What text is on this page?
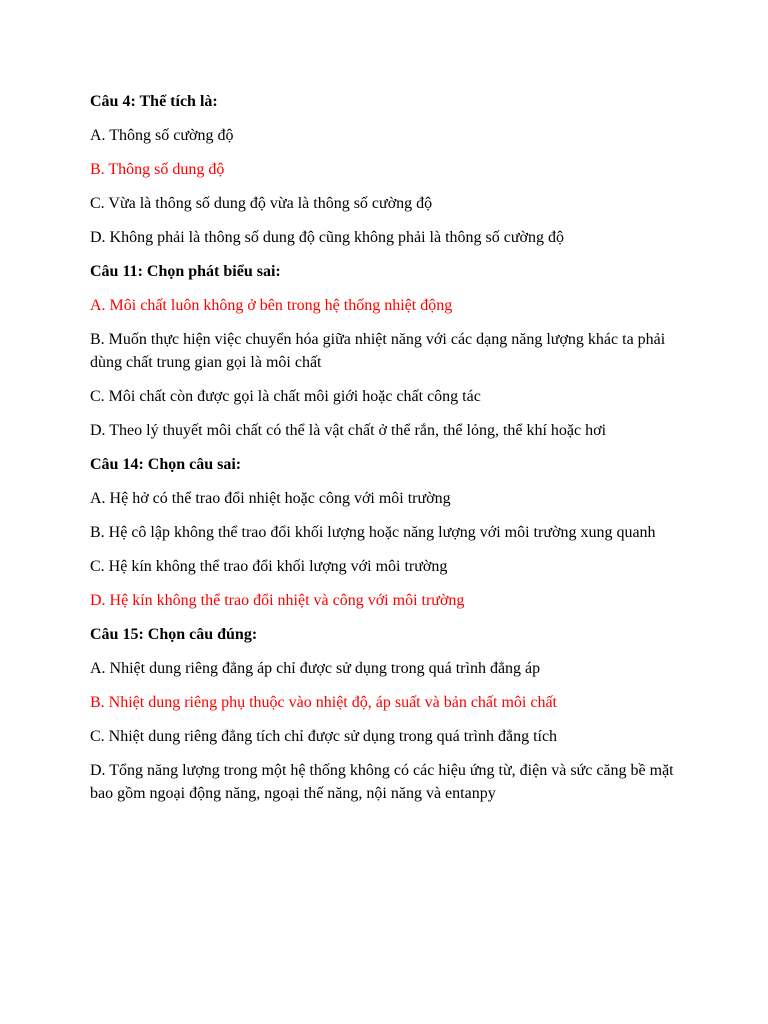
Câu 4: Thể tích là:
A. Thông số cường độ
B. Thông số dung độ
C. Vừa là thông số dung độ vừa là thông số cường độ
D. Không phải là thông số dung độ cũng không phải là thông số cường độ
Câu 11: Chọn phát biểu sai:
A. Môi chất luôn không ở bên trong hệ thống nhiệt động
B. Muốn thực hiện việc chuyển hóa giữa nhiệt năng với các dạng năng lượng khác ta phải dùng chất trung gian gọi là môi chất
C. Môi chất còn được gọi là chất môi giới hoặc chất công tác
D. Theo lý thuyết môi chất có thể là vật chất ở thể rắn, thể lỏng, thể khí hoặc hơi
Câu 14: Chọn câu sai:
A. Hệ hở có thể trao đổi nhiệt hoặc công với môi trường
B. Hệ cô lập không thể trao đổi khối lượng hoặc năng lượng với môi trường xung quanh
C. Hệ kín không thể trao đổi khối lượng với môi trường
D. Hệ kín không thể trao đổi nhiệt và công với môi trường
Câu 15: Chọn câu đúng:
A. Nhiệt dung riêng đẳng áp chỉ được sử dụng trong quá trình đẳng áp
B. Nhiệt dung riêng phụ thuộc vào nhiệt độ, áp suất và bản chất môi chất
C. Nhiệt dung riêng đẳng tích chỉ được sử dụng trong quá trình đẳng tích
D. Tổng năng lượng trong một hệ thống không có các hiệu ứng từ, điện và sức căng bề mặt bao gồm ngoại động năng, ngoại thế năng, nội năng và entanpy
